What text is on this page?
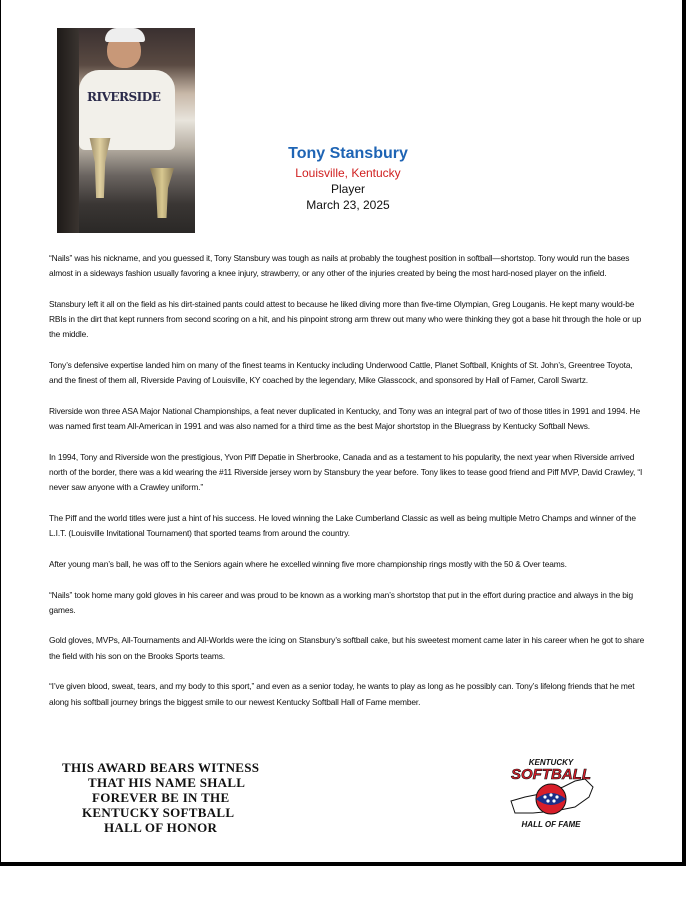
RIVERSIDE
Tony Stansbury
Louisville, Kentucky
Player
March 23, 2025

“Nails” was his nickname, and you guessed it, Tony Stansbury was tough as nails at probably the toughest position in softball—shortstop. Tony would run the bases almost in a sideways fashion usually favoring a knee injury, strawberry, or any other of the injuries created by being the most hard-nosed player on the infield.

Stansbury left it all on the field as his dirt-stained pants could attest to because he liked diving more than five-time Olympian, Greg Louganis. He kept many would-be RBIs in the dirt that kept runners from second scoring on a hit, and his pinpoint strong arm threw out many who were thinking they got a base hit through the hole or up the middle.

Tony’s defensive expertise landed him on many of the finest teams in Kentucky including Underwood Cattle, Planet Softball, Knights of St. John’s, Greentree Toyota, and the finest of them all, Riverside Paving of Louisville, KY coached by the legendary, Mike Glasscock, and sponsored by Hall of Famer, Caroll Swartz.

Riverside won three ASA Major National Championships, a feat never duplicated in Kentucky, and Tony was an integral part of two of those titles in 1991 and 1994. He was named first team All-American in 1991 and was also named for a third time as the best Major shortstop in the Bluegrass by Kentucky Softball News.

In 1994, Tony and Riverside won the prestigious, Yvon Piff Depatie in Sherbrooke, Canada and as a testament to his popularity, the next year when Riverside arrived north of the border, there was a kid wearing the #11 Riverside jersey worn by Stansbury the year before. Tony likes to tease good friend and Piff MVP, David Crawley, “I never saw anyone with a Crawley uniform.”

The Piff and the world titles were just a hint of his success. He loved winning the Lake Cumberland Classic as well as being multiple Metro Champs and winner of the L.I.T. (Louisville Invitational Tournament) that sported teams from around the country.

After young man’s ball, he was off to the Seniors again where he excelled winning five more championship rings mostly with the 50 & Over teams.

“Nails” took home many gold gloves in his career and was proud to be known as a working man’s shortstop that put in the effort during practice and always in the big games.

Gold gloves, MVPs, All-Tournaments and All-Worlds were the icing on Stansbury’s softball cake, but his sweetest moment came later in his career when he got to share the field with his son on the Brooks Sports teams.

“I’ve given blood, sweat, tears, and my body to this sport,” and even as a senior today, he wants to play as long as he possibly can. Tony’s lifelong friends that he met along his softball journey brings the biggest smile to our newest Kentucky Softball Hall of Fame member.

THIS AWARD BEARS WITNESS
THAT HIS NAME SHALL
FOREVER BE IN THE
KENTUCKY SOFTBALL
HALL OF HONOR
KENTUCKY
SOFTBALL
HALL OF FAME
